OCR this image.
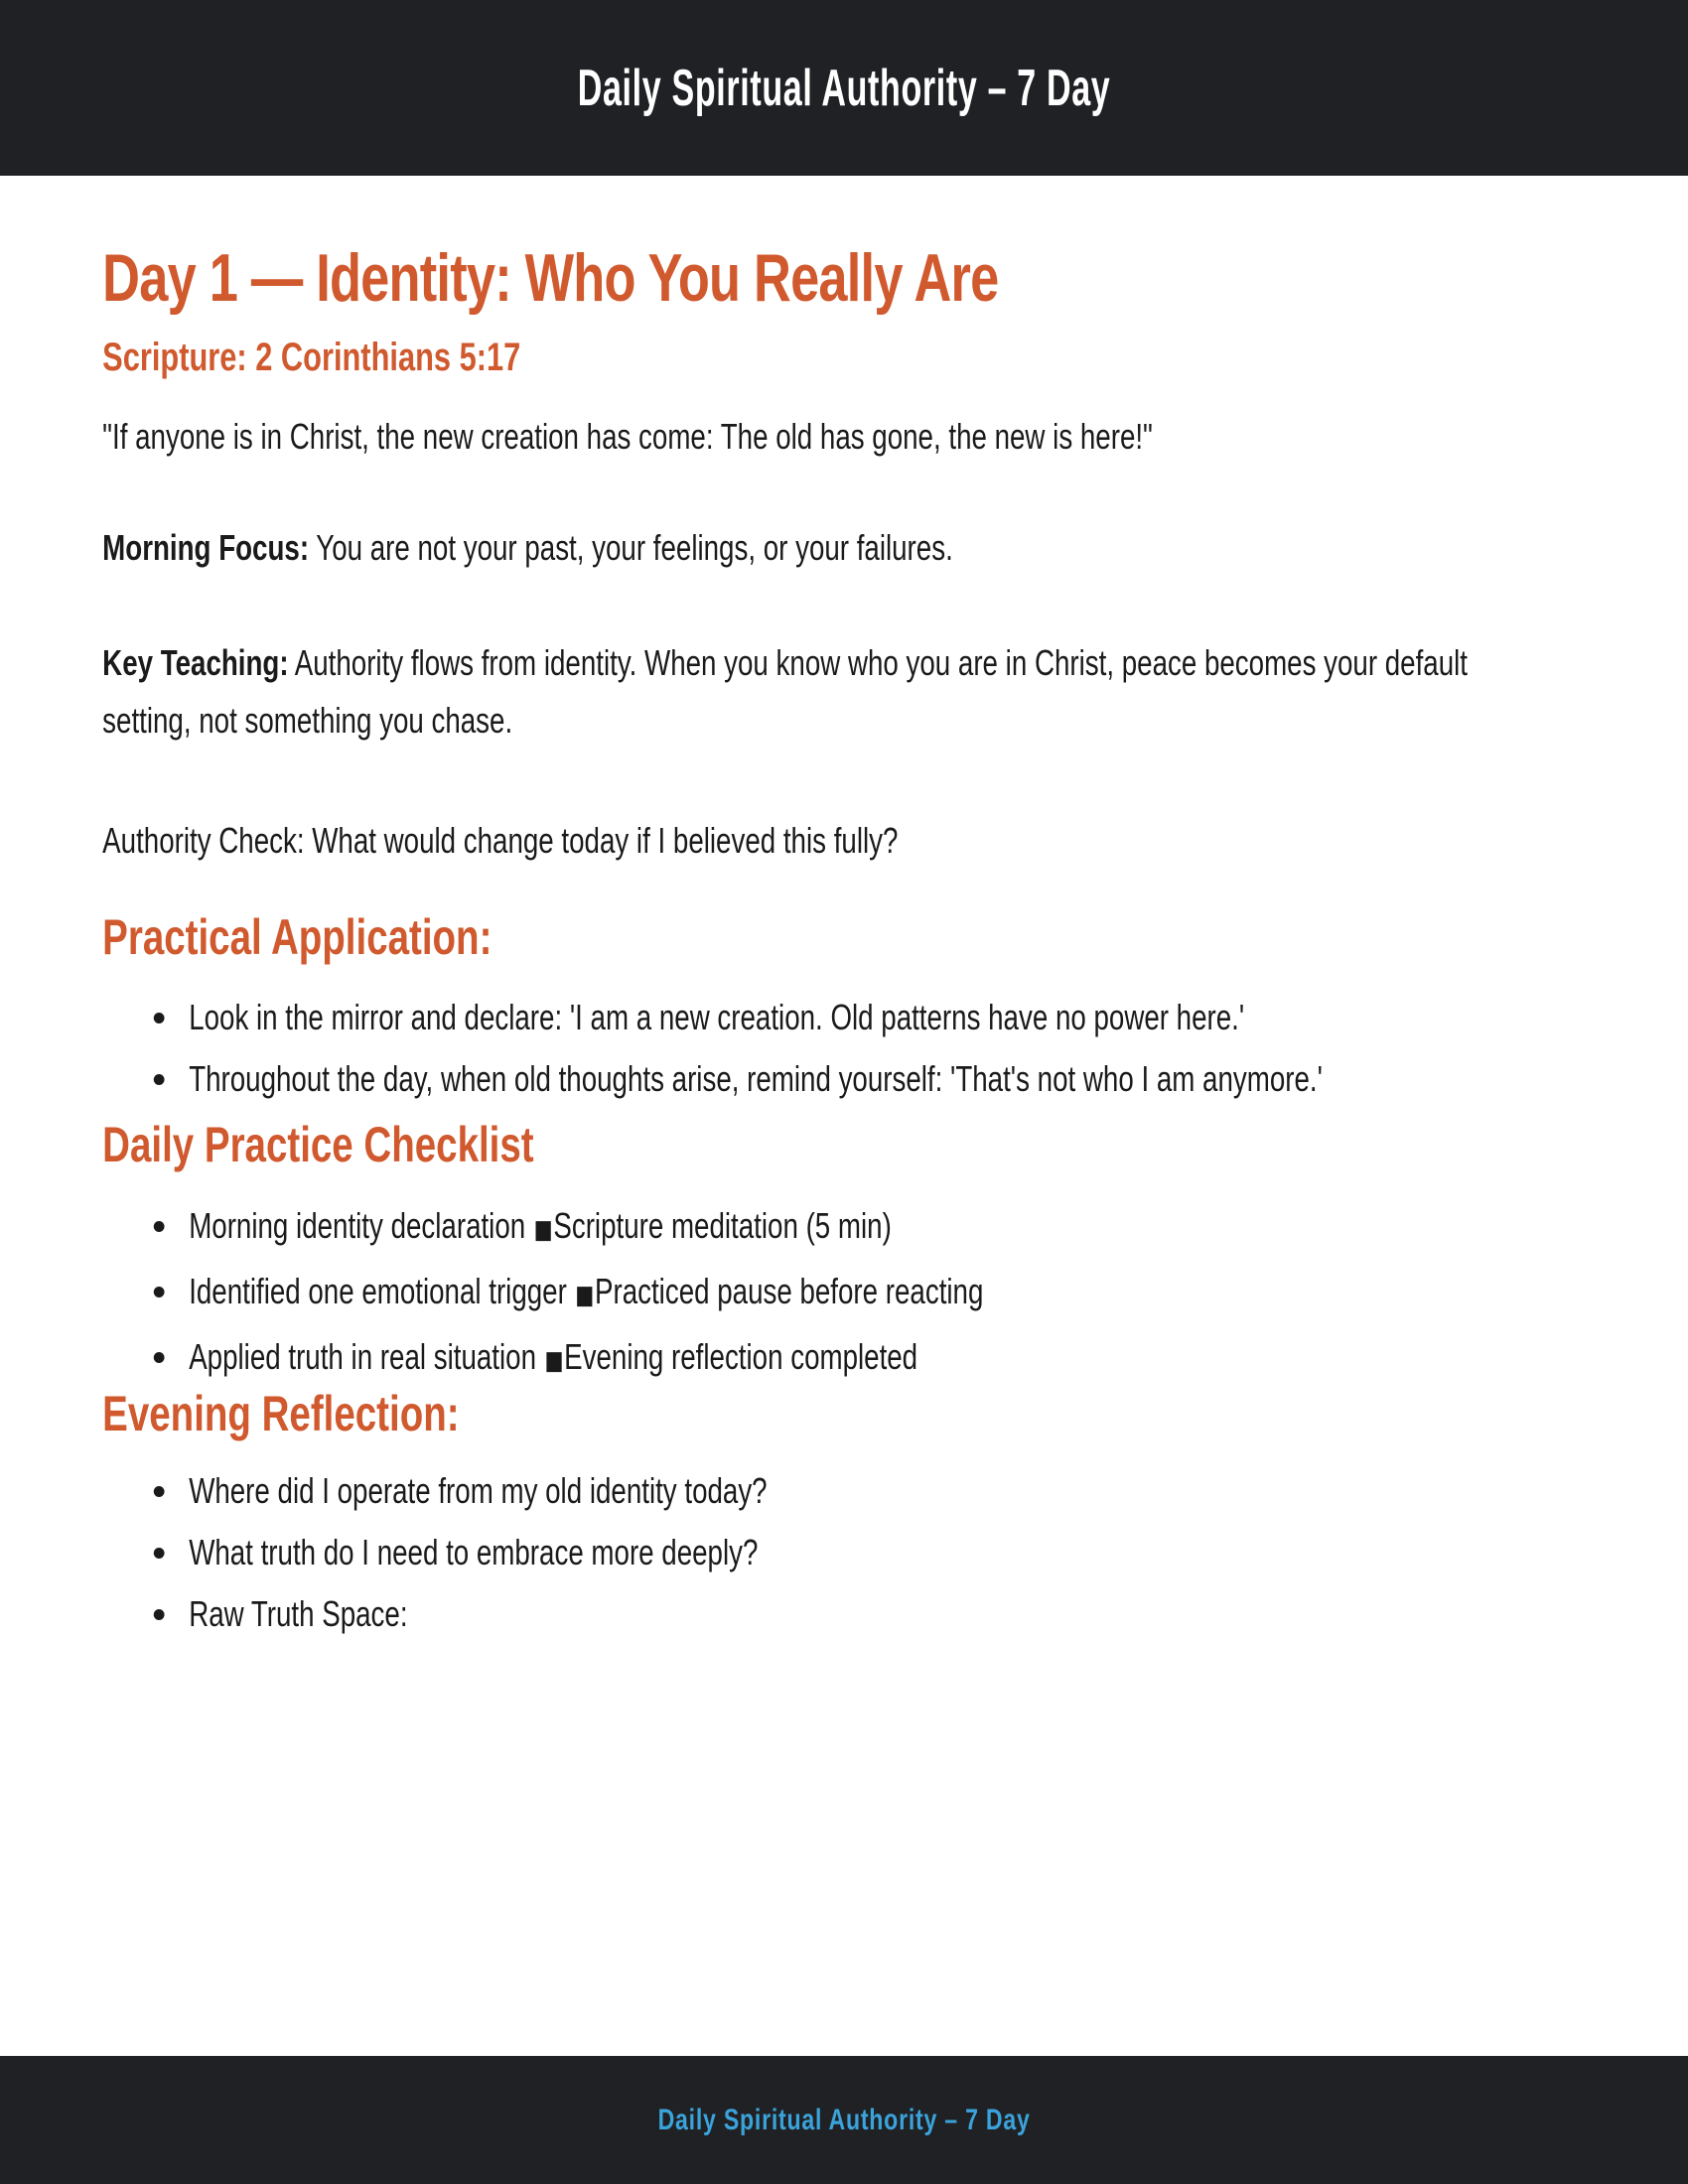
Daily Spiritual Authority – 7 Day
Day 1 — Identity: Who You Really Are
Scripture: 2 Corinthians 5:17

"If anyone is in Christ, the new creation has come: The old has gone, the new is here!"

Morning Focus: You are not your past, your feelings, or your failures.

Key Teaching: Authority flows from identity. When you know who you are in Christ, peace becomes your default setting, not something you chase.

Authority Check: What would change today if I believed this fully?

Practical Application:
Look in the mirror and declare: 'I am a new creation. Old patterns have no power here.'
Throughout the day, when old thoughts arise, remind yourself: 'That's not who I am anymore.'
Daily Practice Checklist
Morning identity declaration ■Scripture meditation (5 min)
Identified one emotional trigger ■Practiced pause before reacting
Applied truth in real situation ■Evening reflection completed
Evening Reflection:
Where did I operate from my old identity today?
What truth do I need to embrace more deeply?
Raw Truth Space:
Daily Spiritual Authority – 7 Day
